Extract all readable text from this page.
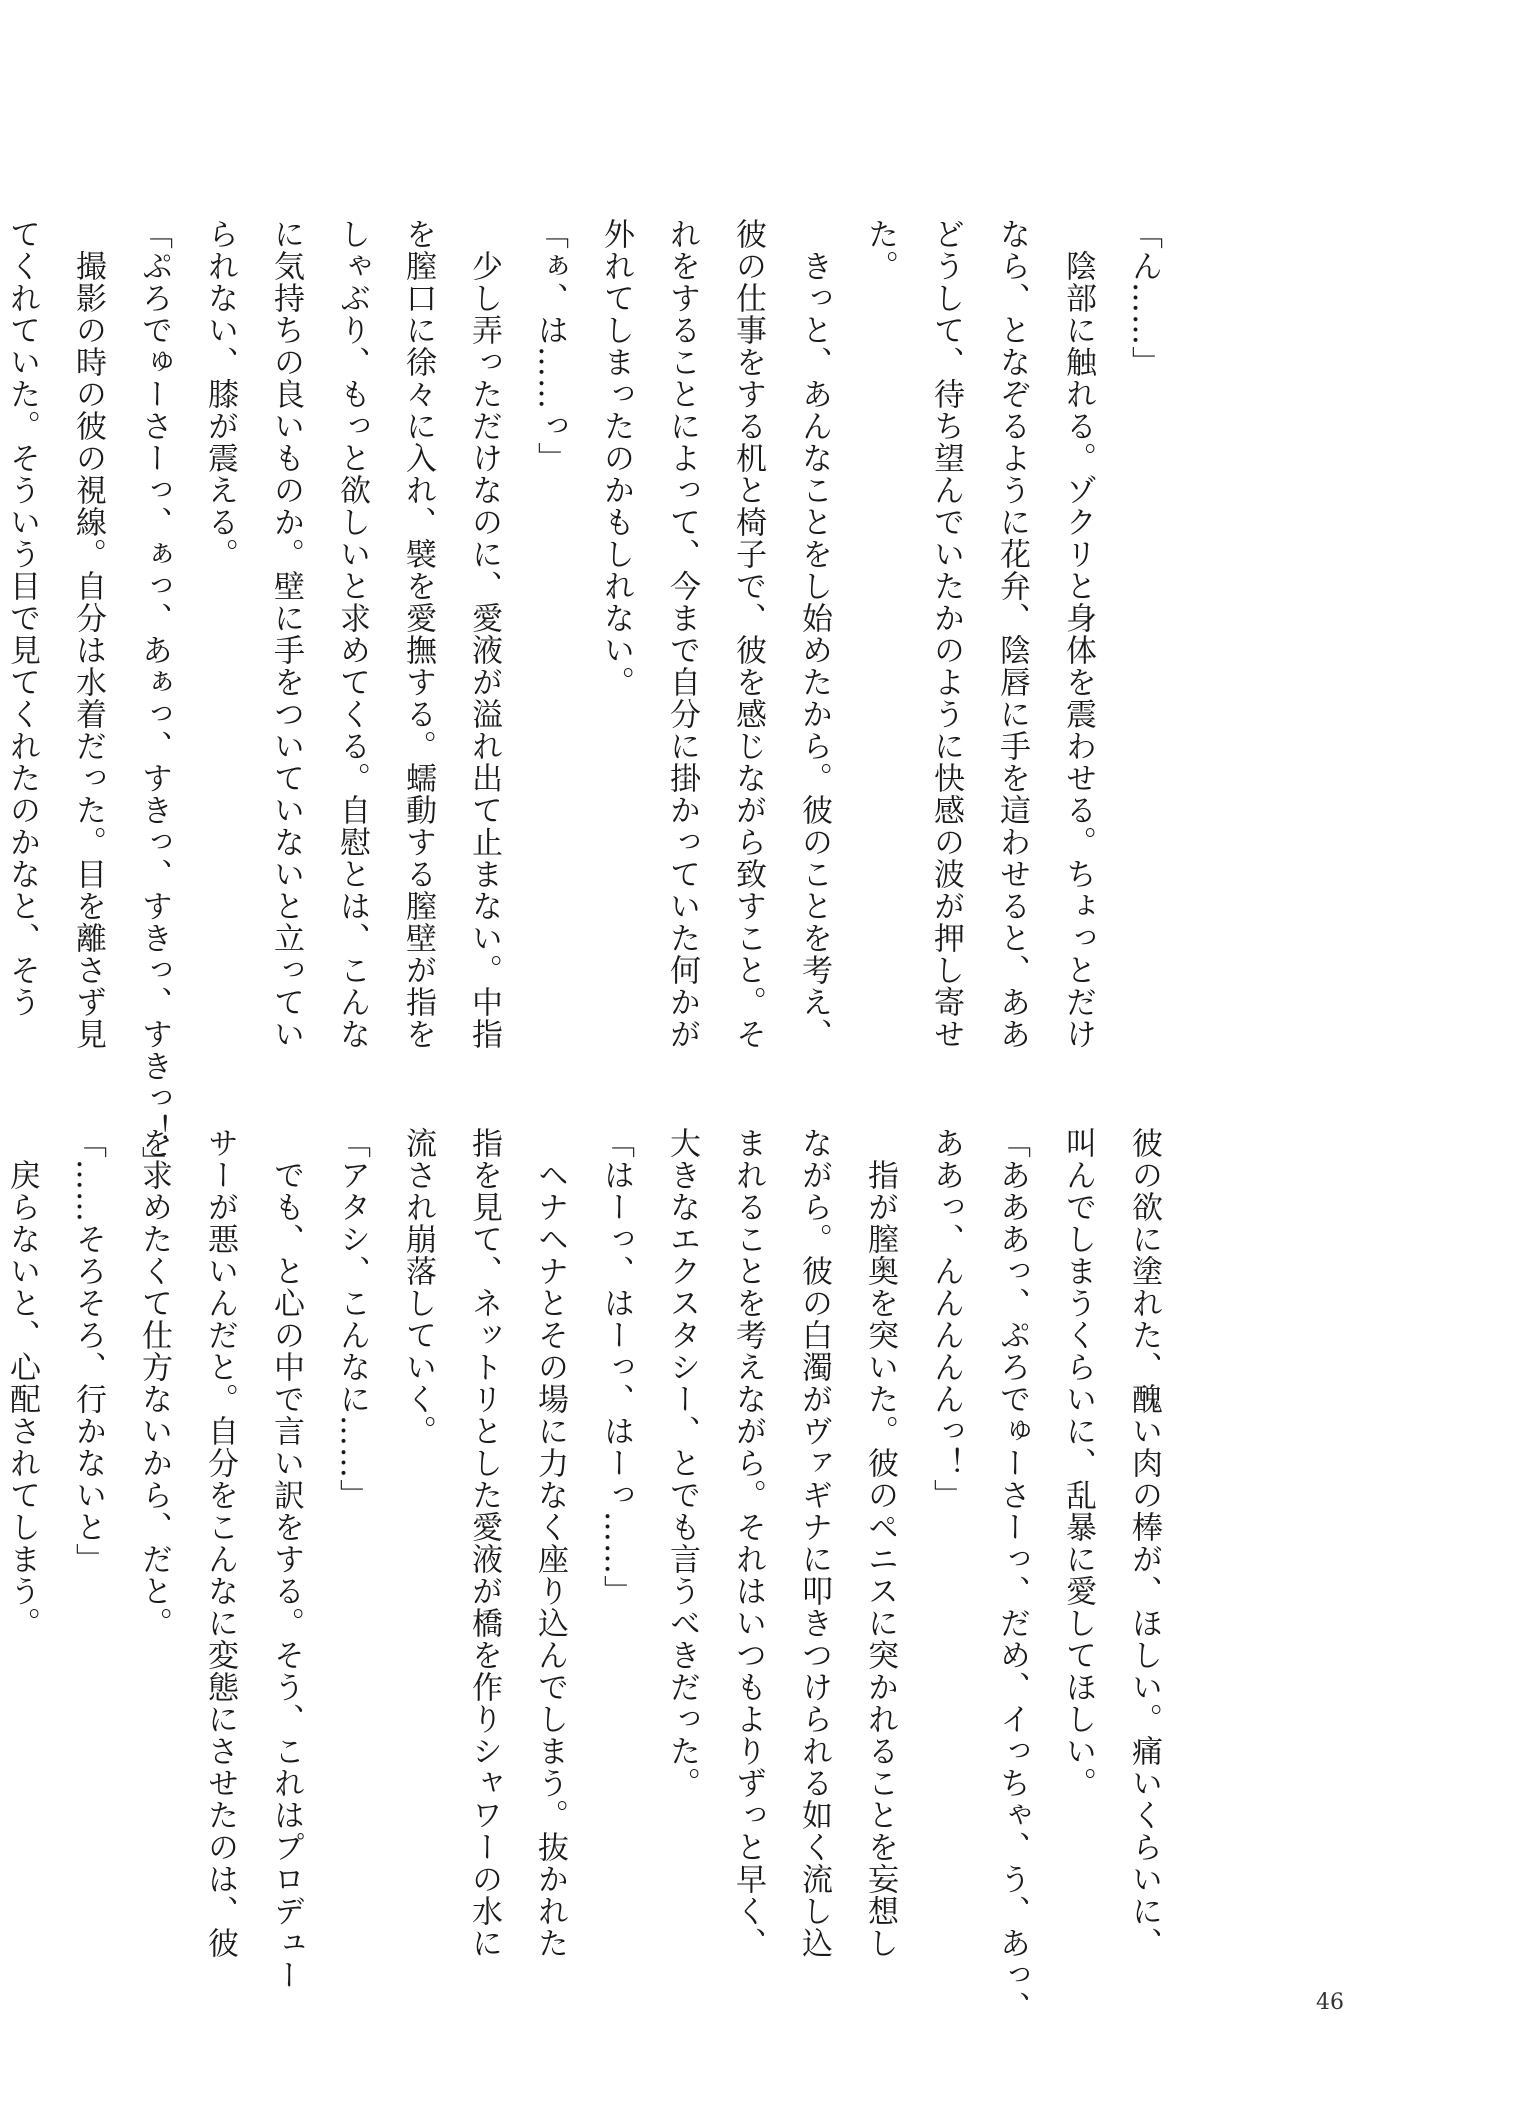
「ん……」
　陰部に触れる。ゾクリと身体を震わせる。ちょっとだけ
なら、となぞるように花弁、陰唇に手を這わせると、ああ
どうして、待ち望んでいたかのように快感の波が押し寄せ
た。
　きっと、あんなことをし始めたから。彼のことを考え、
彼の仕事をする机と椅子で、彼を感じながら致すこと。そ
れをすることによって、今まで自分に掛かっていた何かが
外れてしまったのかもしれない。
「ぁ、は……っ」
　少し弄っただけなのに、愛液が溢れ出て止まない。中指
を膣口に徐々に入れ、襞を愛撫する。蠕動する膣壁が指を
しゃぶり、もっと欲しいと求めてくる。自慰とは、こんな
に気持ちの良いものか。壁に手をついていないと立ってい
られない、膝が震える。
「ぷろでゅーさーっ、ぁっ、あぁっ、すきっ、すきっ、すきっ！」
　撮影の時の彼の視線。自分は水着だった。目を離さず見
てくれていた。そういう目で見てくれたのかなと、そう
彼の欲に塗れた、醜い肉の棒が、ほしい。痛いくらいに、
叫んでしまうくらいに、乱暴に愛してほしい。
「あああっ、ぷろでゅーさーっ、だめ、イっちゃ、う、あっ、
ああっ、んんんんんっ！」
　指が膣奥を突いた。彼のペニスに突かれることを妄想し
ながら。彼の白濁がヴァギナに叩きつけられる如く流し込
まれることを考えながら。それはいつもよりずっと早く、
大きなエクスタシー、とでも言うべきだった。
「はーっ、はーっ、はーっ……」
　ヘナヘナとその場に力なく座り込んでしまう。抜かれた
指を見て、ネットリとした愛液が橋を作りシャワーの水に
流され崩落していく。
「アタシ、こんなに……」
　でも、と心の中で言い訳をする。そう、これはプロデュー
サーが悪いんだと。自分をこんなに変態にさせたのは、彼
を求めたくて仕方ないから、だと。
「……そろそろ、行かないと」
　戻らないと、心配されてしまう。
46
